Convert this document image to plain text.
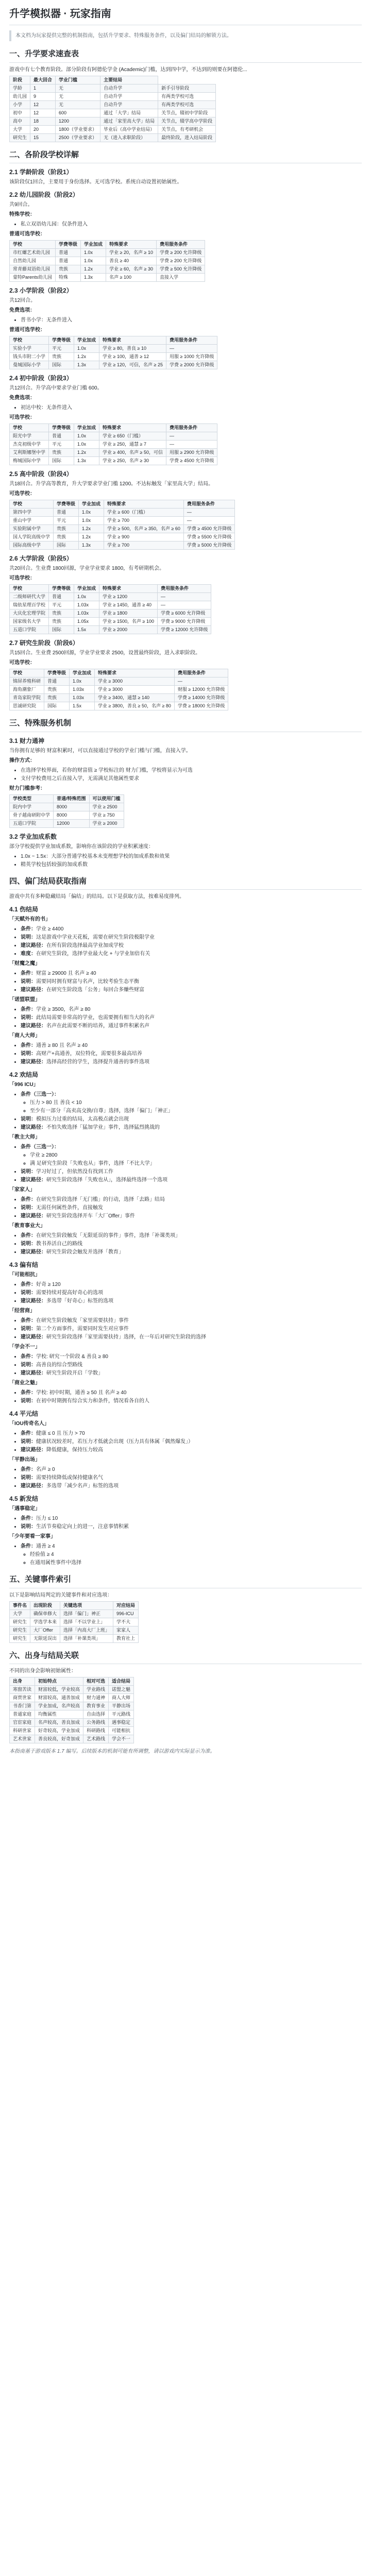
升学模拟器 · 玩家指南
本文档为玩家提供完整的机制指南，包括升学要求、特殊服务条件，以及偏门结局的解锁方法。
一、升学要求速查表

游戏中有七个教育阶段。部分阶段有阿德伦学金 (Academic)门槛，达到四中学，不达到的则要在阿德伦...

阶段	最大回合	学业门槛	主要结局	
学龄	1	无	自动升学	新手引导阶段
幼儿园	9	无	自动升学	有两类学校可选
小学	12	无	自动升学	有两类学校可选
初中	12	600	通过「大学」结局	关节点，辍初中学阶段
高中	18	1200	通过「家里高大学」结局	关节点，辍学高中学阶段
大学	20	1800（学业要求）	毕业后（高中学业结局）	关节点，有考研机会
研究生	15	2500（学业要求）	无（进入求职阶段）	最终阶段，进入结局阶段
二、各阶段学校详解
2.1 学龄阶段（阶段1）

该阶段仅1回合，主要用于身份选择。无可选学校。系统自动设置初始属性。

2.2 幼儿园阶段（阶段2）

共9回合。

特殊学校：

• 私立双语幼儿园：仅条件进入

普通可选学校：

学校	学费等级	学业加成	特殊要求	费用服务条件
市红螺艺术幼儿园	普通	1.0x	学业 ≥ 20，名声 ≥ 10	学费 ≥ 200 允许降级
自然幼儿园	普通	1.0x	善良 ≥ 40	学费 ≥ 200 允许降级
常青藤双语幼儿园	贵族	1.2x	学业 ≥ 60，名声 ≥ 30	学费 ≥ 500 允许降级
蒙特Parents幼儿园	特殊	1.3x	名声 ≥ 100	直接入学
2.3 小学阶段（阶段2）

共12回合。

免费选项：

• 普书小学：无条件进入

普通可选学校：

学校	学费等级	学业加成	特殊要求	费用服务条件
实验小学	平元	1.0x	学业 ≥ 80，善良 ≥ 10	—
钱头市附二小学	贵族	1.2x	学业 ≥ 100，通善 ≥ 12	用服 ≥ 1000 允许降级
曼城国际小学	国际	1.3x	学业 ≥ 120，可信，名声 ≥ 25	学费 ≥ 2000 允许降级
2.4 初中阶段（阶段3）

共12回合。升学高中要求学业门槛 600。

免费选项：

• 初达中校：无条件进入

可选学校：

学校	学费等级	学业加成	特殊要求	费用服务条件
阳光中学	普通	1.0x	学业 ≥ 650（门槛）	—
杰克初级中学	平元	1.0x	学业 ≥ 250，通慧 ≥ 7	—
艾利斯娜堡中学	贵族	1.2x	学业 ≥ 400，名声 ≥ 50，可信	用服 ≥ 2900 允许降级
梅城国际中学	国际	1.3x	学业 ≥ 250，名声 ≥ 30	学费 ≥ 4500 允许降级
2.5 高中阶段（阶段4）

共18回合。升学高等教育，升大学要求学业门槛 1200。不达标触发「家里高大学」结局。

可选学校：

学校	学费等级	学业加成	特殊要求	费用服务条件
第四中学	普通	1.0x	学业 ≥ 600（门槛）	—
重山中学	平元	1.0x	学业 ≥ 700	—
实验附属中学	贵族	1.2x	学业 ≥ 500，名声 ≥ 350，名声 ≥ 60	学费 ≥ 4500 允许降级
国人学院高级中学	贵族	1.2x	学业 ≥ 900	学费 ≥ 5500 允许降级
国际高级中学	国际	1.3x	学业 ≥ 700	学费 ≥ 5000 允许降级
2.6 大学阶段（阶段5）

共20回合。生业费 1800回源，学业学业要求 1800，有考研期机会。

可选学校：

学校	学费等级	学业加成	特殊要求	费用服务条件
二级师研代大学	普通	1.0x	学业 ≥ 1200	—
瑞依星理百学校	平元	1.03x	学业 ≥ 1450，通善 ≥ 40	—
大庆化宏理学院	贵族	1.03x	学业 ≥ 1800	学费 ≥ 6000 允许降级
国家级名大学	贵族	1.05x	学业 ≥ 1500，名声 ≥ 100	学费 ≥ 9000 允许降级
五道口学院	国际	1.5x	学业 ≥ 2000	学费 ≥ 12000 允许降级
2.7 研究生阶段（阶段6）

共15回合。生业费 2500回源，学业学业要求 2500，设置最终阶段，进入求职阶段。

可选学校：

学校	学费等级	学业加成	特殊要求	费用服务条件
锦屏养殖科研	普通	1.0x	学业 ≥ 3000	—
海角潮象厂	贵族	1.03x	学业 ≥ 3000	财服 ≥ 12000 允许降级
青岛家院学院	贵族	1.03x	学业 ≥ 3400，通慧 ≥ 140	学费 ≥ 14000 允许降级
思诚研究院	国际	1.5x	学业 ≥ 3800，善良 ≥ 50，名声 ≥ 80	学费 ≥ 18000 允许降级
三、特殊服务机制
3.1 财力通神

当你拥有足够的 财富积累时，可以直接通过学校的学业门槛与门槛，直接入学。

操作方式：

• 在选择学校界面，若你的财富值 ≥ 学校标注的 财力门槛，学校将显示为可选
• 支付学校费用之后直接入学，无需满足其他属性要求

财力门槛参考：

学校类型	普通/特殊范围	可以使用门槛
院内中学	8000	学业 ≥ 2500
骨子越南研附中学	8000	学业 ≥ 750
五道口学院	12000	学业 ≥ 2000
3.2 学业加成系数

部分学校提供学业加成系数，影响你在该阶段的学业积累速度：

• 1.0x ~ 1.5x：大部分普通学校基本未变理想学校的加成系数和效果
• 精英学校包括较强的加成系数
四、偏门结局获取指南

游戏中共有多种隐藏结局「偏结」的结局。以下是获取方法，按难易度排列。

4.1 伤结局

「天赋外有的书」

• 条件：学业 ≥ 4400
• 说明：这是游戏中学业天花板，需要在研究生阶段极限学业
• 建议路径：在所有阶段选择最高学业加成学校
• 难度：在研究生阶段，选择学业最大化 + 与学业加倍有关

「财魔之魔」

• 条件：财富 ≥ 29000 且 名声 ≥ 40
• 说明：需要同时拥有财富与名声，比较考验生态平衡
• 建议路径：在研究生阶段选「公务」每回合多赚些财富

「诺盟联盟」

• 条件：学业 ≥ 3500，名声 ≥ 80
• 说明：此结局需要非常高的学业，也需要拥有相当大的名声
• 建议路径：名声在此需要不断的培养，通过事件积累名声

「商人大师」

• 条件：通善 ≥ 80 且 名声 ≥ 40
• 说明：高财产+高通善，双位特化，需要很多最高培养
• 建议路径：选择高经营的学生，选择提升通善的事件选项
4.2 欢结局

「996 ICU」

• 条件（三选一）：
◦ 压力 > 80 且 善良 < 10
◦ 至少有一部分「高卖高交换/自尊」选择，选择「偏门」「神正」
• 说明：模拟压力过重的结局，太高极点就会出现
• 建议路径：不怕失败选择「猛加学业」事件，选择猛烈挑战的

「教主大师」

• 条件（三选一）：
◦ 学业 ≥ 2800
◦ 满 足研究生阶段「失败也从」事件，选择「不比大学」
• 说明：学习好过了，但依然没有找到工作
• 建议路径：研究生阶段选择「失败也从」，选择最终选择一个选项

「家家人」

• 条件：在研究生阶段选择「无门槛」的行动，选择「去路」结局
• 说明：无需任何属性条件，直接触发
• 建议路径：研究生阶段选择开车「大厂Offer」事件

「教育事业大」

• 条件：在研究生阶段触发「无限延误的事件」事件，选择「补课类项」
• 说明：教书养活自己的路线
• 建议路径：研究生阶段会触发并选择「教育」
4.3 偏有结

「可能相抗」

• 条件：好奇 ≥ 120
• 说明：需要持续对提高好奇心的选项
• 建议路径：多选带「好奇心」标签的选项

「经营商」

• 条件：在研究生阶段触发「家里需要扶持」事件
• 说明：第二个方面事件，需要同时发生对应事件
• 建议路径：研究生阶段选择「家里需要扶持」选择，在一年后对研究生阶段的选择

「学会不一」

• 条件：学校: 研究一个阶段 & 善良 ≥ 80
• 说明：高善良的综合型路线
• 建议路径：研究生阶段开启「学数」

「商业之魅」

• 条件：学校: 初中时期，通善 ≥ 50 且 名声 ≥ 40
• 说明：在初中时期拥有综合实力和条件，情况看各自的人
4.4 平元结

「IOU传奇名人」

• 条件：健康 ≤ 0 且 压力 > 70
• 说明：健康状况较差时，若压力才低就会出现（压力具有体属「偶然爆发」）
• 建议路径：降低健康，保持压力较高

「平静出场」

• 条件：名声 ≥ 0
• 说明：需要持续降低或保持健康名气
• 建议路径：多选带「减少名声」标签的选项
4.5 新发结

「遇事稳定」

• 条件：压力 ≤ 10
• 说明：生活节奏稳定向上的进一，注意事情积累

「少年要看一家事」

• 条件：通善 ≥ 4
◦ 经验值 ≥ 4
◦ 在通用属性事件中选择
五、关键事件索引

以下是影响结局判定的关键事件和对应选项：

事件名	出现阶段	关键选项	对应结局
大学	确保单修大	选择「偏门」神正	996-ICU
研究生	学选学本来	选择「不以学业上」	学不大
研究生	大厂Offer	选择「内高大厂上班」	家家人
研究生	无限延误出	选择「补课类项」	教育社上
六、出身与结局关联

不同的出身会影响初始属性：

出身	初始特点	相对可选	适合结局
寒窗苦读	财富较低，学业较高	学业路线	诺盟之魅
商贾世家	财富较高，通善加成	财力通神	商人大师
书香门第	学业加成，名声较高	教育事业	平静出场
普通家庭	均衡属性	自由选择	平元路线
官宦家庭	名声较高，善良加成	公务路线	遇事稳定
科研世家	好奇较高，学业加成	科研路线	可能相抗
艺术世家	善良较高，好奇加成	艺术路线	学会不一

本指南基于游戏版本 1.7 编写。后续版本的机制可能有所调整，请以游戏内实际显示为准。
